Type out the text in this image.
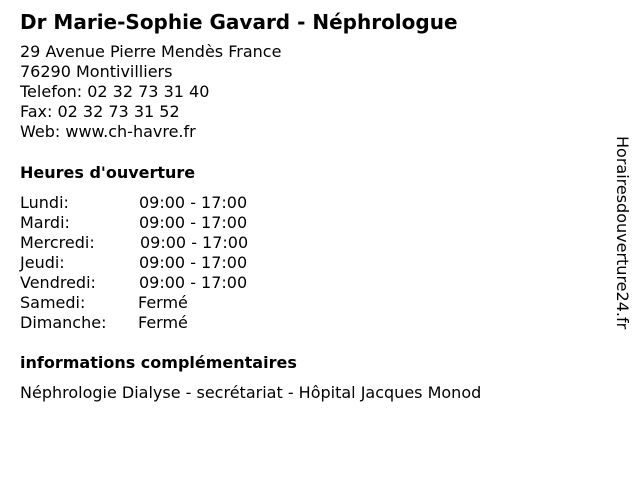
Dr Marie-Sophie Gavard - Néphrologue
29 Avenue Pierre Mendès France
76290 Montivilliers
Telefon: 02 32 73 31 40
Fax: 02 32 73 31 52
Web: www.ch-havre.fr
Heures d'ouverture
Lundi:	09:00 - 17:00
Mardi:	09:00 - 17:00
Mercredi:	09:00 - 17:00
Jeudi:	09:00 - 17:00
Vendredi:	09:00 - 17:00
Samedi:	Fermé
Dimanche: Fermé
informations complémentaires
Néphrologie Dialyse - secrétariat - Hôpital Jacques Monod
Horairesdouverture24.fr
